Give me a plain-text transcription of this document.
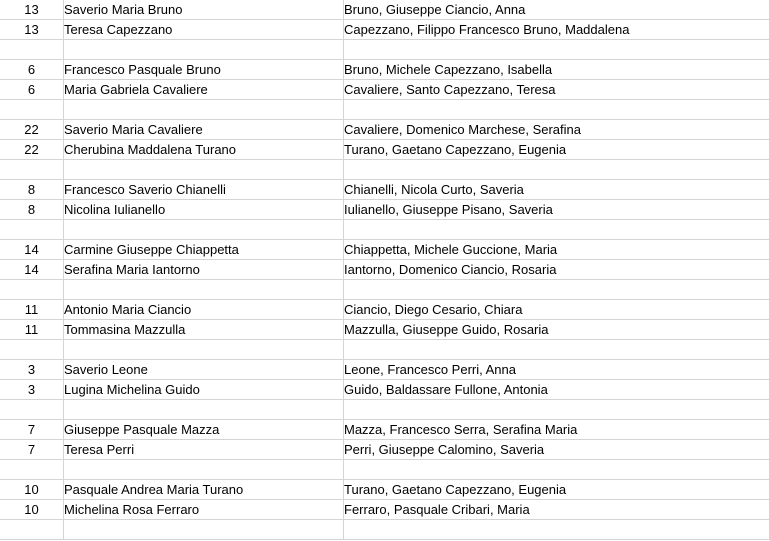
13	Saverio Maria Bruno	Bruno, Giuseppe Ciancio, Anna
13	Teresa Capezzano	Capezzano, Filippo Francesco Bruno, Maddalena

6	Francesco Pasquale Bruno	Bruno, Michele Capezzano, Isabella
6	Maria Gabriela Cavaliere	Cavaliere, Santo Capezzano, Teresa

22	Saverio Maria Cavaliere	Cavaliere, Domenico Marchese, Serafina
22	Cherubina Maddalena Turano	Turano, Gaetano Capezzano, Eugenia

8	Francesco Saverio Chianelli	Chianelli, Nicola Curto, Saveria
8	Nicolina Iulianello	Iulianello, Giuseppe Pisano, Saveria

14	Carmine Giuseppe Chiappetta	Chiappetta, Michele Guccione, Maria
14	Serafina Maria Iantorno	Iantorno, Domenico Ciancio, Rosaria

11	Antonio Maria Ciancio	Ciancio, Diego Cesario, Chiara
11	Tommasina Mazzulla	Mazzulla, Giuseppe Guido, Rosaria

3	Saverio Leone	Leone, Francesco Perri, Anna
3	Lugina Michelina Guido	Guido, Baldassare Fullone, Antonia

7	Giuseppe Pasquale Mazza	Mazza, Francesco Serra, Serafina Maria
7	Teresa Perri	Perri, Giuseppe Calomino, Saveria

10	Pasquale Andrea Maria Turano	Turano, Gaetano Capezzano, Eugenia
10	Michelina Rosa Ferraro	Ferraro, Pasquale Cribari, Maria
